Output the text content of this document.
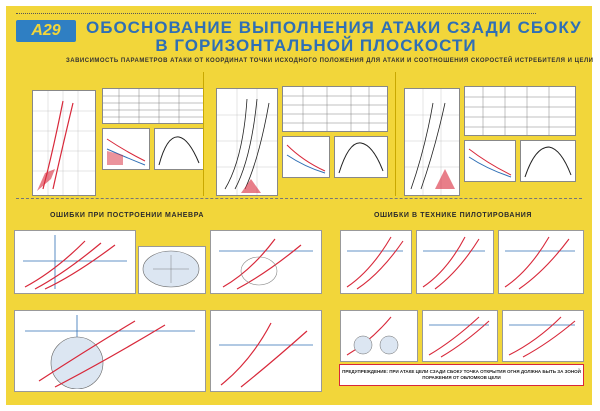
А29	ОБОСНОВАНИЕ ВЫПОЛНЕНИЯ АТАКИ СЗАДИ СБОКУ
В ГОРИЗОНТАЛЬНОЙ ПЛОСКОСТИ
ЗАВИСИМОСТЬ ПАРАМЕТРОВ АТАКИ ОТ КООРДИНАТ ТОЧКИ ИСХОДНОГО ПОЛОЖЕНИЯ ДЛЯ АТАКИ И СООТНОШЕНИЯ СКОРОСТЕЙ ИСТРЕБИТЕЛЯ И ЦЕЛИ
ОШИБКИ ПРИ ПОСТРОЕНИИ МАНЕВРА	ОШИБКИ В ТЕХНИКЕ ПИЛОТИРОВАНИЯ
ПРЕДУПРЕЖДЕНИЕ: ПРИ АТАКЕ ЦЕЛИ СЗАДИ СБОКУ ТОЧКА ОТКРЫТИЯ ОГНЯ ДОЛЖНА БЫТЬ ЗА ЗОНОЙ ПОРАЖЕНИЯ ОТ ОБЛОМКОВ ЦЕЛИ
